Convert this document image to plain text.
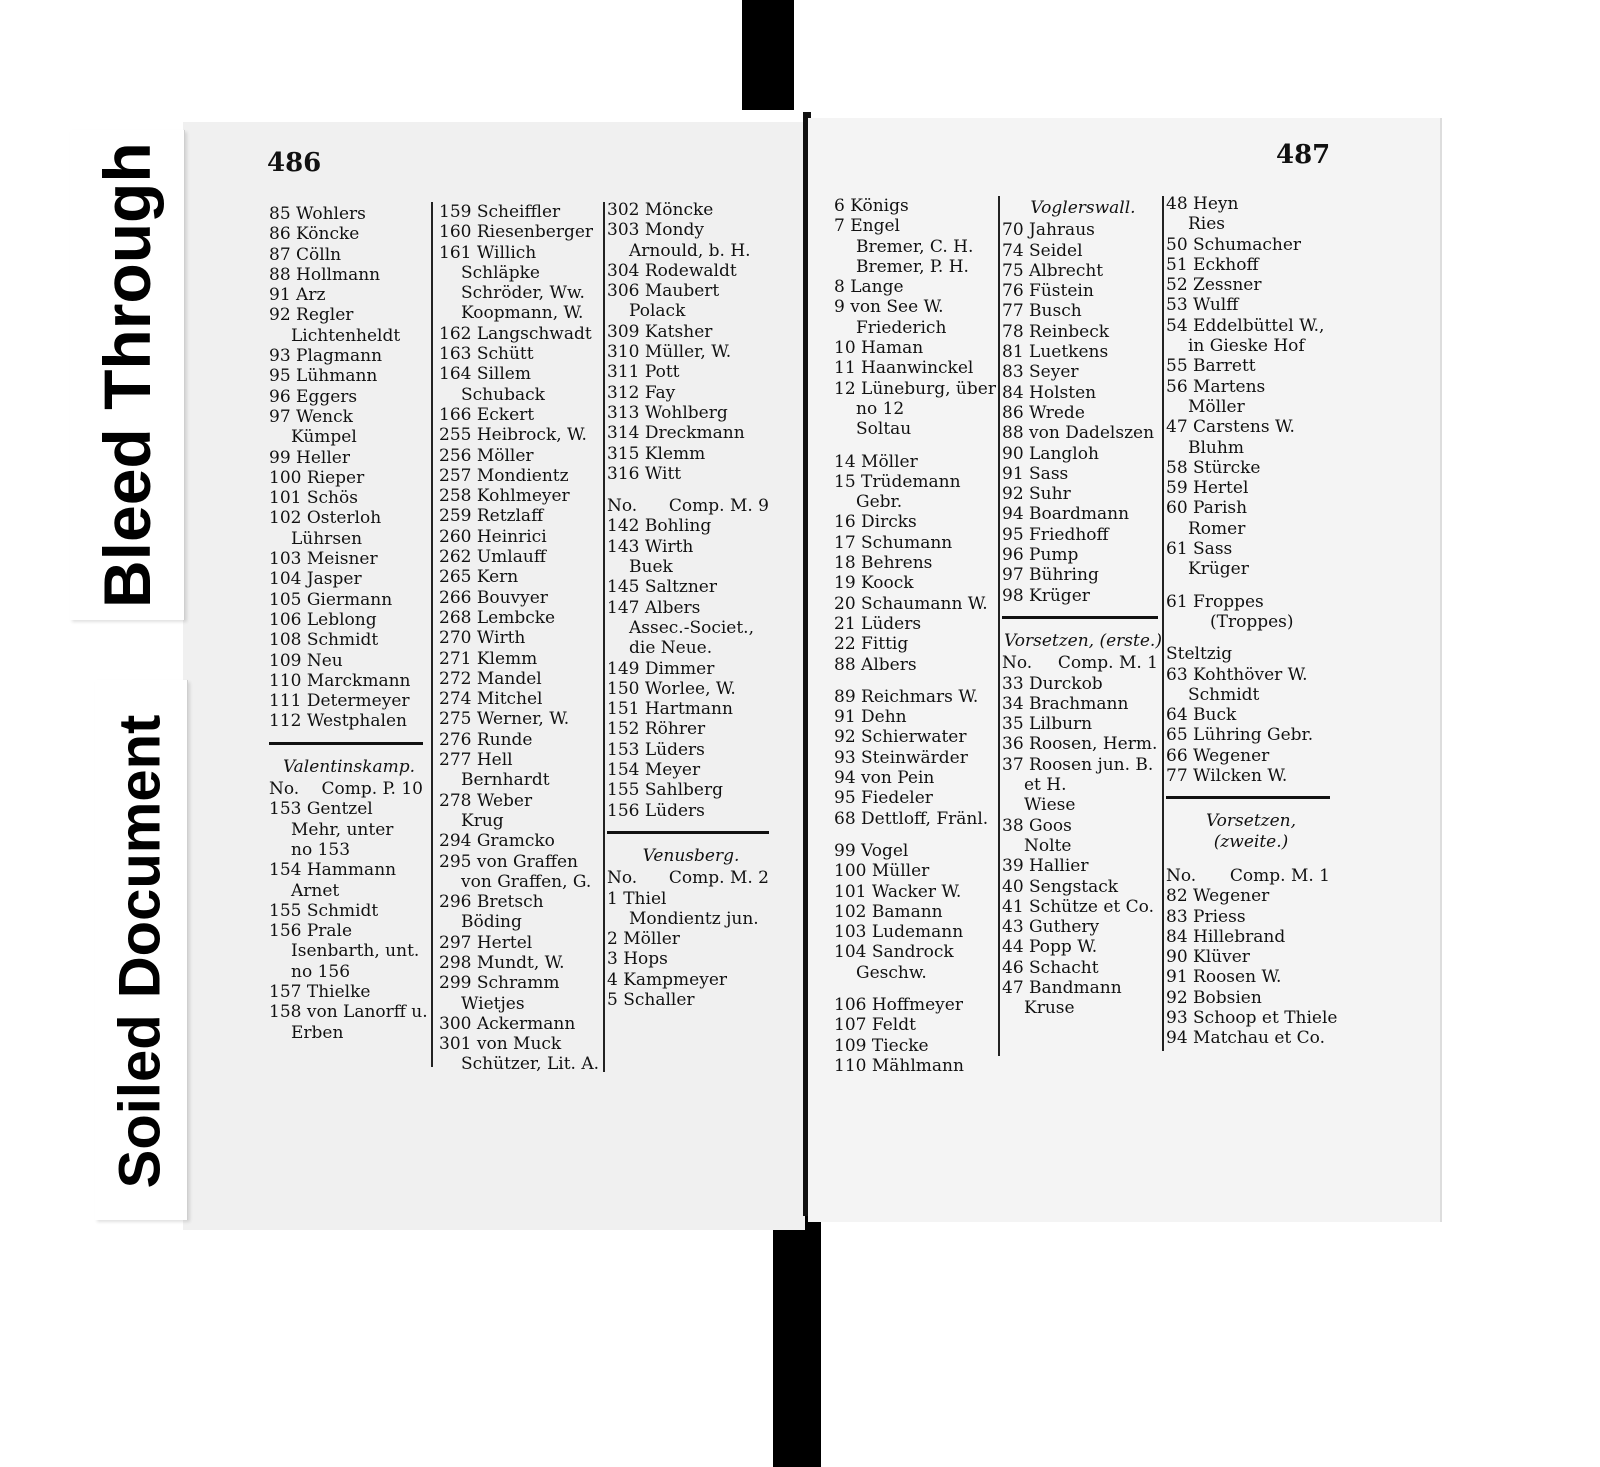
486
85 Wohlers
86 Köncke
87 Cölln
88 Hollmann
91 Arz
92 Regler
Lichtenheldt
93 Plagmann
95 Lühmann
96 Eggers
97 Wenck
Kümpel
99 Heller
100 Rieper
101 Schös
102 Osterloh
Lührsen
103 Meisner
104 Jasper
105 Giermann
106 Leblong
108 Schmidt
109 Neu
110 Marckmann
111 Determeyer
112 Westphalen
Valentinskamp.
No. Comp. P. 10
153 Gentzel
Mehr, unter
no 153
154 Hammann
Arnet
155 Schmidt
156 Prale
Isenbarth, unt.
no 156
157 Thielke
158 von Lanorff u.
Erben
159 Scheiffler
160 Riesenberger
161 Willich
Schläpke
Schröder, Ww.
Koopmann, W.
162 Langschwadt
163 Schütt
164 Sillem
Schuback
166 Eckert
255 Heibrock, W.
256 Möller
257 Mondientz
258 Kohlmeyer
259 Retzlaff
260 Heinrici
262 Umlauff
265 Kern
266 Bouvyer
268 Lembcke
270 Wirth
271 Klemm
272 Mandel
274 Mitchel
275 Werner, W.
276 Runde
277 Hell
Bernhardt
278 Weber
Krug
294 Gramcko
295 von Graffen
von Graffen, G.
296 Bretsch
Böding
297 Hertel
298 Mundt, W.
299 Schramm
Wietjes
300 Ackermann
301 von Muck
Schützer, Lit. A.
302 Möncke
303 Mondy
Arnould, b. H.
304 Rodewaldt
306 Maubert
Polack
309 Katsher
310 Müller, W.
311 Pott
312 Fay
313 Wohlberg
314 Dreckmann
315 Klemm
316 Witt
No. Comp. M. 9
142 Bohling
143 Wirth
Buek
145 Saltzner
147 Albers
Assec.-Societ.,
die Neue.
149 Dimmer
150 Worlee, W.
151 Hartmann
152 Röhrer
153 Lüders
154 Meyer
155 Sahlberg
156 Lüders
Venusberg.
No. Comp. M. 2
1 Thiel
Mondientz jun.
2 Möller
3 Hops
4 Kampmeyer
5 Schaller
487
6 Königs
7 Engel
Bremer, C. H.
Bremer, P. H.
8 Lange
9 von See W.
Friederich
10 Haman
11 Haanwinckel
12 Lüneburg, über
no 12
Soltau
14 Möller
15 Trüdemann
Gebr.
16 Dircks
17 Schumann
18 Behrens
19 Koock
20 Schaumann W.
21 Lüders
22 Fittig
88 Albers
89 Reichmars W.
91 Dehn
92 Schierwater
93 Steinwärder
94 von Pein
95 Fiedeler
68 Dettloff, Fränl.
99 Vogel
100 Müller
101 Wacker W.
102 Bamann
103 Ludemann
104 Sandrock
Geschw.
106 Hoffmeyer
107 Feldt
109 Tiecke
110 Mählmann
Voglerswall.
70 Jahraus
74 Seidel
75 Albrecht
76 Füstein
77 Busch
78 Reinbeck
81 Luetkens
83 Seyer
84 Holsten
86 Wrede
88 von Dadelszen
90 Langloh
91 Sass
92 Suhr
94 Boardmann
95 Friedhoff
96 Pump
97 Bühring
98 Krüger
Vorsetzen, (erste.)
No. Comp. M. 1
33 Durckob
34 Brachmann
35 Lilburn
36 Roosen, Herm.
37 Roosen jun. B.
et H.
Wiese
38 Goos
Nolte
39 Hallier
40 Sengstack
41 Schütze et Co.
43 Guthery
44 Popp W.
46 Schacht
47 Bandmann
Kruse
48 Heyn
Ries
50 Schumacher
51 Eckhoff
52 Zessner
53 Wulff
54 Eddelbüttel W.,
in Gieske Hof
55 Barrett
56 Martens
Möller
47 Carstens W.
Bluhm
58 Stürcke
59 Hertel
60 Parish
Romer
61 Sass
Krüger
61 Froppes
(Troppes)
Steltzig
63 Kohthöver W.
Schmidt
64 Buck
65 Lühring Gebr.
66 Wegener
77 Wilcken W.
Vorsetzen, (zweite.)
No. Comp. M. 1
82 Wegener
83 Priess
84 Hillebrand
90 Klüver
91 Roosen W.
92 Bobsien
93 Schoop et Thiele
94 Matchau et Co.
Bleed Through
Soiled Document
